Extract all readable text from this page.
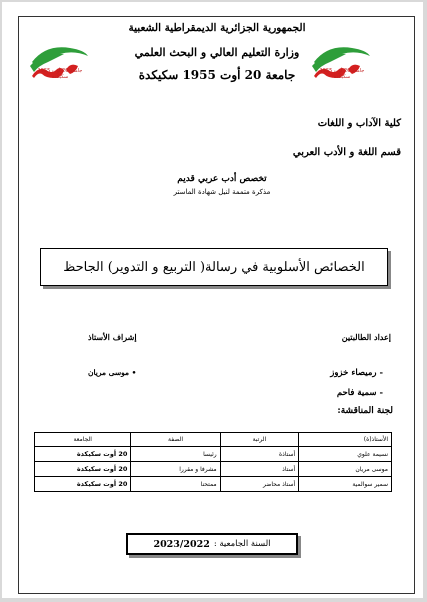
جامعة 20 أوت 1955 سكيكدة
جامعة 20 أوت 1955 سكيكدة
الجمهورية الجزائرية الديمقراطية الشعبية
وزارة التعليم العالي و البحث العلمي
جامعة 20 أوت 1955 سكيكدة
كلية الآداب و اللغات
قسم اللغة و الأدب العربي
تخصص أدب عربي قديم
مذكرة متممة لنيل شهادة الماستر
الخصائص الأسلوبية في رسالة( التربيع و التدوير) الجاحظ
إعداد الطالبتين
إشراف الأستاذ
- رميصاء خزوز
- سمية فاحم
• موسى مريان
لجنة المناقشة:
الأستاذ(ة)	الرتبة	الصفة	الجامعة
نسيمة علوي	أستاذة	رئيسا	20 أوت سكيكدة
موسى مريان	أستاذ	مشرفا و مقررا	20 أوت سكيكدة
سمير سوالمية	أستاذ محاضر	ممتحنا	20 أوت سكيكدة
السنة الجامعية :
2023/2022
